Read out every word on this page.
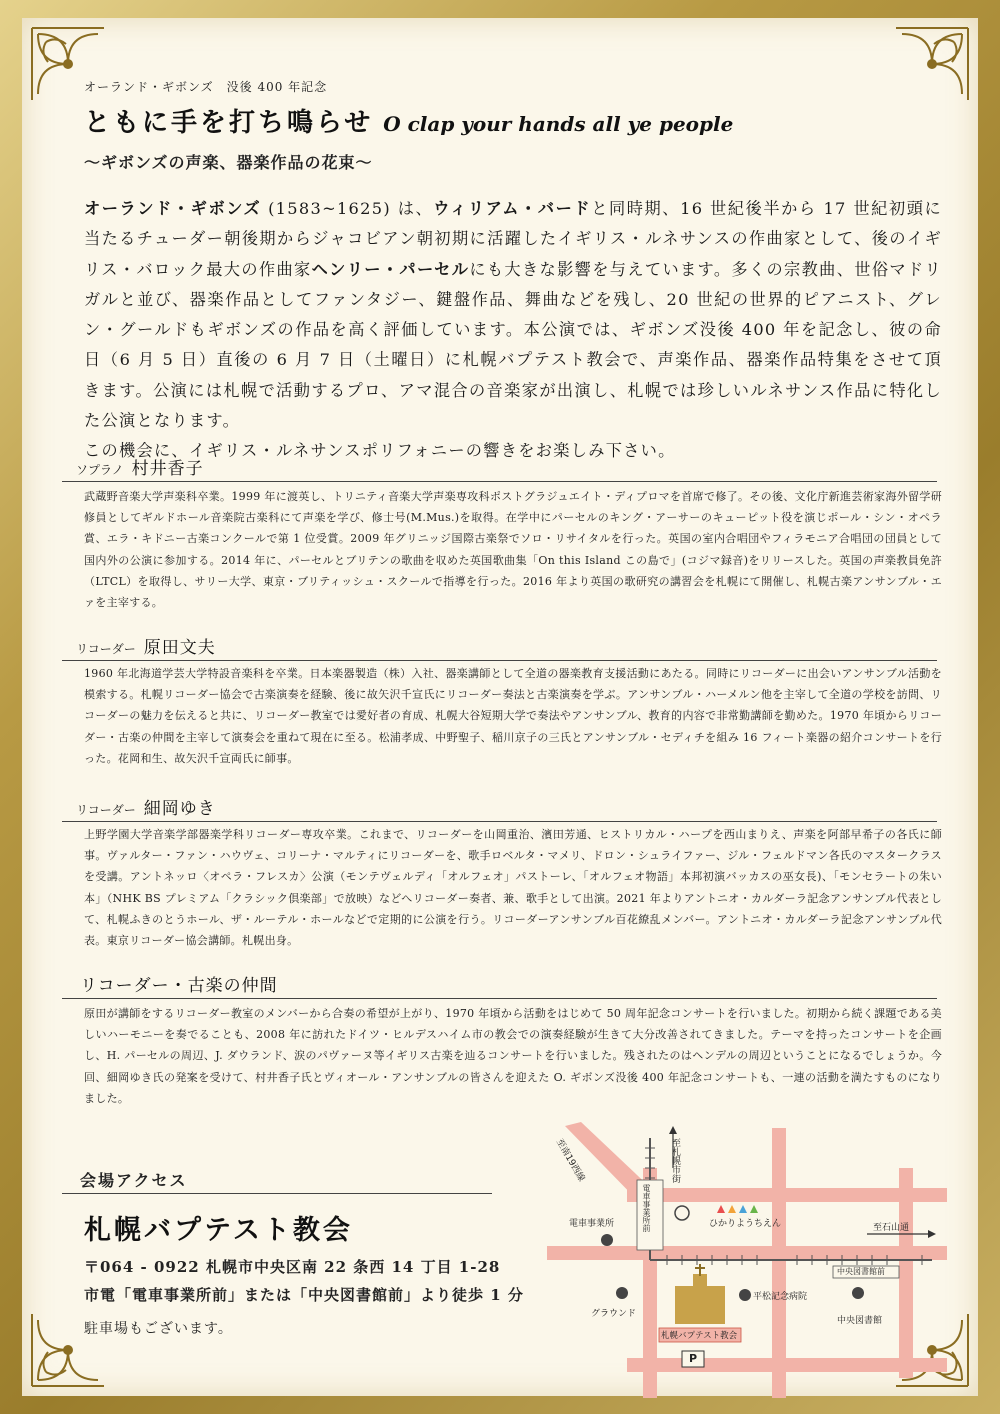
オーランド・ギボンズ　没後 400 年記念

ともに手を打ち鳴らせ O clap your hands all ye people

～ギボンズの声楽、器楽作品の花束～

オーランド・ギボンズ (1583~1625) は、ウィリアム・バードと同時期、16 世紀後半から 17 世紀初頭に当たるチューダー朝後期からジャコビアン朝初期に活躍したイギリス・ルネサンスの作曲家として、後のイギリス・バロック最大の作曲家ヘンリー・パーセルにも大きな影響を与えています。多くの宗教曲、世俗マドリガルと並び、器楽作品としてファンタジー、鍵盤作品、舞曲などを残し、20 世紀の世界的ピアニスト、グレン・グールドもギボンズの作品を高く評価しています。本公演では、ギボンズ没後 400 年を記念し、彼の命日（6 月 5 日）直後の 6 月 7 日（土曜日）に札幌バプテスト教会で、声楽作品、器楽作品特集をさせて頂きます。公演には札幌で活動するプロ、アマ混合の音楽家が出演し、札幌では珍しいルネサンス作品に特化した公演となります。
この機会に、イギリス・ルネサンスポリフォニーの響きをお楽しみ下さい。

ソプラノ 村井香子

武蔵野音楽大学声楽科卒業。1999 年に渡英し、トリニティ音楽大学声楽専攻科ポストグラジュエイト・ディプロマを首席で修了。その後、文化庁新進芸術家海外留学研修員としてギルドホール音楽院古楽科にて声楽を学び、修士号(M.Mus.)を取得。在学中にパーセルのキング・アーサーのキューピット役を演じポール・シン・オペラ賞、エラ・キドニー古楽コンクールで第 1 位受賞。2009 年グリニッジ国際古楽祭でソロ・リサイタルを行った。英国の室内合唱団やフィラモニア合唱団の団員として国内外の公演に参加する。2014 年に、パーセルとブリテンの歌曲を収めた英国歌曲集「On this Island この島で」(コジマ録音)をリリースした。英国の声楽教員免許（LTCL）を取得し、サリー大学、東京・ブリティッシュ・スクールで指導を行った。2016 年より英国の歌研究の講習会を札幌にて開催し、札幌古楽アンサンブル・エァを主宰する。

リコーダー 原田文夫

1960 年北海道学芸大学特設音楽科を卒業。日本楽器製造（株）入社、器楽講師として全道の器楽教育支援活動にあたる。同時にリコーダーに出会いアンサンブル活動を模索する。札幌リコーダー協会で古楽演奏を経験、後に故矢沢千宣氏にリコーダー奏法と古楽演奏を学ぶ。アンサンブル・ハーメルン他を主宰して全道の学校を訪問、リコーダーの魅力を伝えると共に、リコーダー教室では愛好者の育成、札幌大谷短期大学で奏法やアンサンブル、教育的内容で非常勤講師を勤めた。1970 年頃からリコーダー・古楽の仲間を主宰して演奏会を重ねて現在に至る。松浦孝成、中野聖子、稲川京子の三氏とアンサンブル・セディチを組み 16 フィート楽器の紹介コンサートを行った。花岡和生、故矢沢千宣両氏に師事。

リコーダー 細岡ゆき

上野学園大学音楽学部器楽学科リコーダー専攻卒業。これまで、リコーダーを山岡重治、濱田芳通、ヒストリカル・ハープを西山まりえ、声楽を阿部早希子の各氏に師事。ヴァルター・ファン・ハウヴェ、コリーナ・マルティにリコーダーを、歌手ロベルタ・マメリ、ドロン・シュライファー、ジル・フェルドマン各氏のマスタークラスを受講。アントネッロ〈オペラ・フレスカ〉公演（モンテヴェルディ「オルフェオ」パストーレ、「オルフェオ物語」本邦初演バッカスの巫女長)、「モンセラートの朱い本」（NHK BS プレミアム「クラシック倶楽部」で放映）などへリコーダー奏者、兼、歌手として出演。2021 年よりアントニオ・カルダーラ記念アンサンブル代表として、札幌ふきのとうホール、ザ・ルーテル・ホールなどで定期的に公演を行う。リコーダーアンサンブル百花繚乱メンバー。アントニオ・カルダーラ記念アンサンブル代表。東京リコーダー協会講師。札幌出身。

リコーダー・古楽の仲間

原田が講師をするリコーダー教室のメンバーから合奏の希望が上がり、1970 年頃から活動をはじめて 50 周年記念コンサートを行いました。初期から続く課題である美しいハーモニーを奏でることも、2008 年に訪れたドイツ・ヒルデスハイム市の教会での演奏経験が生きて大分改善されてきました。テーマを持ったコンサートを企画し、H. パーセルの周辺、J. ダウランド、涙のパヴァーヌ等イギリス古楽を辿るコンサートを行いました。残されたのはヘンデルの周辺ということになるでしょうか。今回、細岡ゆき氏の発案を受けて、村井香子氏とヴィオール・アンサンブルの皆さんを迎えた O. ギボンズ没後 400 年記念コンサートも、一連の活動を満たすものになりました。

会場アクセス

札幌バプテスト教会

〒064 - 0922 札幌市中央区南 22 条西 14 丁目 1-28

市電「電車事業所前」または「中央図書館前」より徒歩 1 分

駐車場もございます。

至南19西線	至札幌市街
電車事業所前
電車事業所	ひかりようちえん	至石山通
中央図書館前
グラウンド
平松記念病院
中央図書館
札幌バプテスト教会
P
